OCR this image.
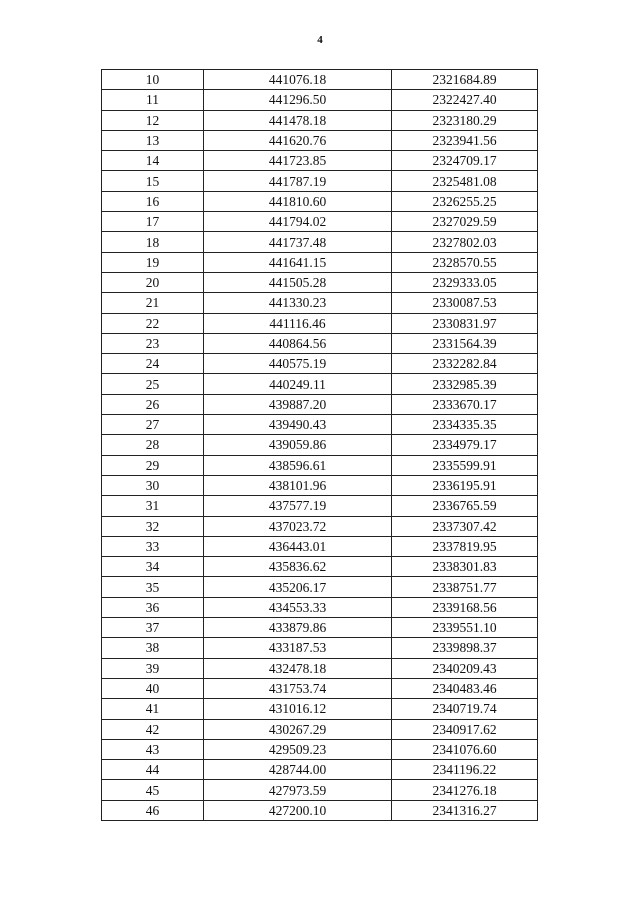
4
10	441076.18	2321684.89
11	441296.50	2322427.40
12	441478.18	2323180.29
13	441620.76	2323941.56
14	441723.85	2324709.17
15	441787.19	2325481.08
16	441810.60	2326255.25
17	441794.02	2327029.59
18	441737.48	2327802.03
19	441641.15	2328570.55
20	441505.28	2329333.05
21	441330.23	2330087.53
22	441116.46	2330831.97
23	440864.56	2331564.39
24	440575.19	2332282.84
25	440249.11	2332985.39
26	439887.20	2333670.17
27	439490.43	2334335.35
28	439059.86	2334979.17
29	438596.61	2335599.91
30	438101.96	2336195.91
31	437577.19	2336765.59
32	437023.72	2337307.42
33	436443.01	2337819.95
34	435836.62	2338301.83
35	435206.17	2338751.77
36	434553.33	2339168.56
37	433879.86	2339551.10
38	433187.53	2339898.37
39	432478.18	2340209.43
40	431753.74	2340483.46
41	431016.12	2340719.74
42	430267.29	2340917.62
43	429509.23	2341076.60
44	428744.00	2341196.22
45	427973.59	2341276.18
46	427200.10	2341316.27
